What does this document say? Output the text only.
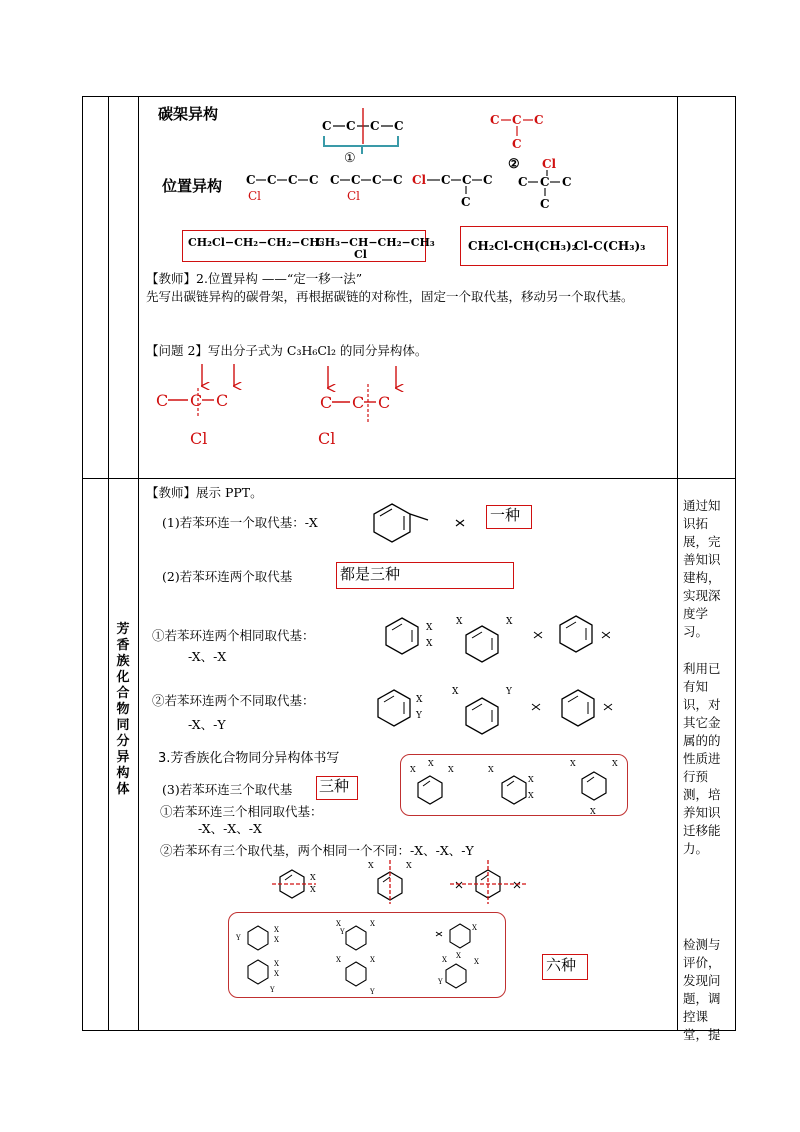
碳架异构
位置异构
C C C C
①
C C C
C
②
C C C C
Cl
C C C C
Cl
Cl C C C
C
Cl
C C C
C
CH₂Cl−CH₂−CH₂−CH₃
CH₃−CH−CH₂−CH₃
Cl
CH₂Cl-CH(CH₃)₂
Cl-C(CH₃)₃
【教师】2.位置异构 ——“定一移一法”
先写出碳链异构的碳骨架，再根据碳链的对称性，固定一个取代基，移动另一个取代基。
【问题 2】写出分子式为 C₃H₆Cl₂ 的同分异构体。
C C C
Cl
C C C
Cl
芳香族化合物同分异构体
【教师】展示 PPT。
(1)若苯环连一个取代基：-X	一种
(2)若苯环连两个取代基	都是三种
①若苯环连两个相同取代基：
-X、-X
X
X
X	X
②若苯环连两个不同取代基：
-X、-Y
X
Y
X	Y
3.芳香族化合物同分异构体书写
X
X
X	X
X
X
X	X
X
(3)若苯环连三个取代基 三种
①若苯环连三个相同取代基：
-X、-X、-X
②若苯环有三个取代基，两个相同一个不同：-X、-X、-Y
X
X
X	X
Y
X
X
X
Y
X	X
X
X
X
Y
X	X
Y
X	X
Y
六种
通过知识拓展，完善知识建构，实现深度学习。
利用已有知识，对其它金属的的性质进行预测，培养知识迁移能力。
检测与评价，发现问题，调控课堂，提
